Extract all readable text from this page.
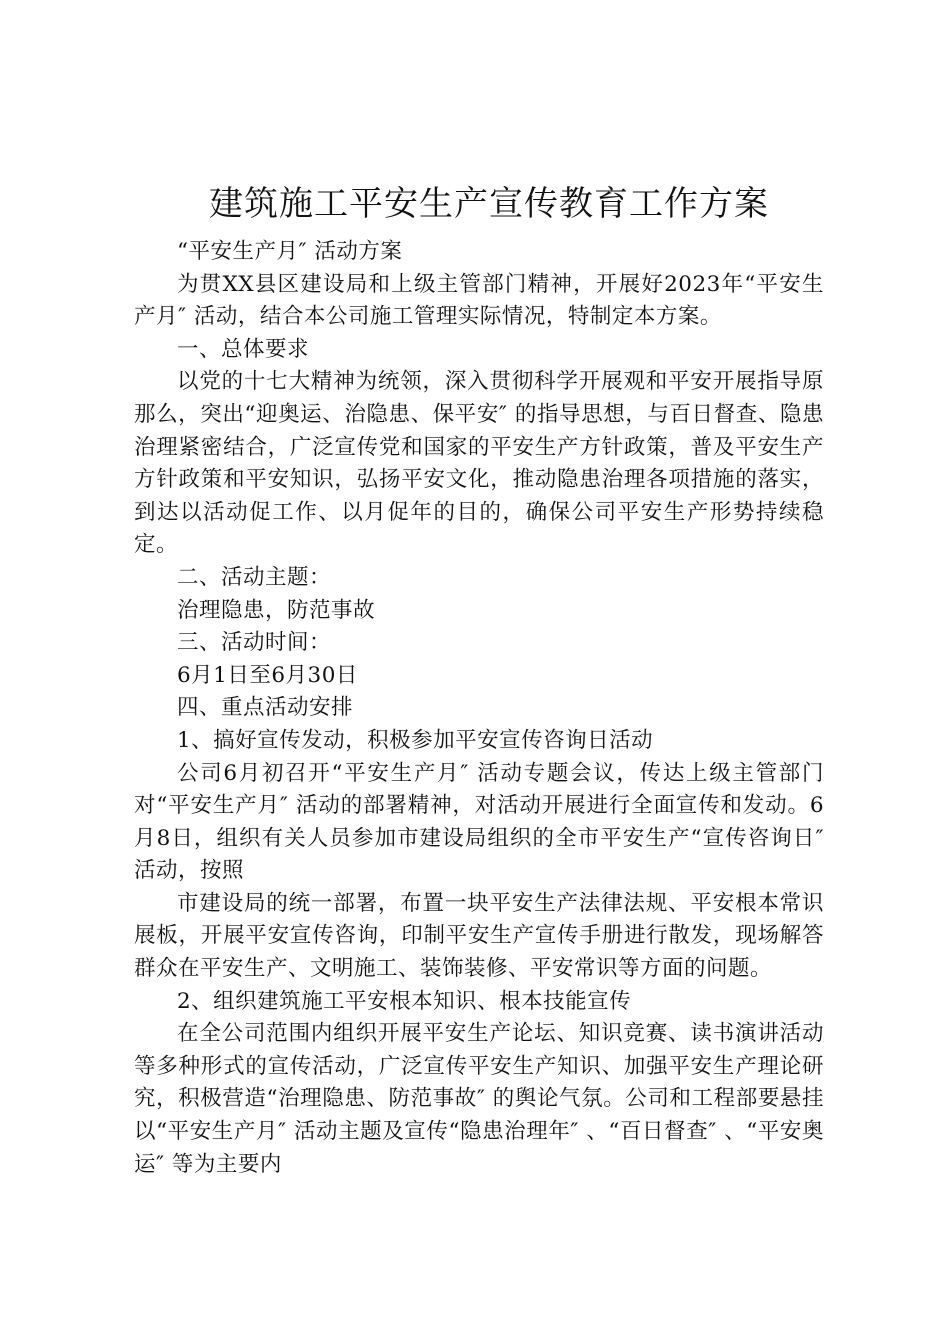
建筑施工平安生产宣传教育工作方案

“平安生产月″ 活动方案

为贯XX县区建设局和上级主管部门精神，开展好2023年“平安生产月″ 活动，结合本公司施工管理实际情况，特制定本方案。

一、总体要求

以党的十七大精神为统领，深入贯彻科学开展观和平安开展指导原那么，突出“迎奥运、治隐患、保平安″ 的指导思想，与百日督查、隐患治理紧密结合，广泛宣传党和国家的平安生产方针政策，普及平安生产方针政策和平安知识，弘扬平安文化，推动隐患治理各项措施的落实，到达以活动促工作、以月促年的目的，确保公司平安生产形势持续稳定。

二、活动主题：

治理隐患，防范事故

三、活动时间：

6月1日至6月30日

四、重点活动安排

1、搞好宣传发动，积极参加平安宣传咨询日活动

公司6月初召开“平安生产月″ 活动专题会议，传达上级主管部门对“平安生产月″ 活动的部署精神，对活动开展进行全面宣传和发动。6月8日，组织有关人员参加市建设局组织的全市平安生产“宣传咨询日″ 活动，按照

市建设局的统一部署，布置一块平安生产法律法规、平安根本常识展板，开展平安宣传咨询，印制平安生产宣传手册进行散发，现场解答群众在平安生产、文明施工、装饰装修、平安常识等方面的问题。

2、组织建筑施工平安根本知识、根本技能宣传

在全公司范围内组织开展平安生产论坛、知识竞赛、读书演讲活动等多种形式的宣传活动，广泛宣传平安生产知识、加强平安生产理论研究，积极营造“治理隐患、防范事故″ 的舆论气氛。公司和工程部要悬挂以“平安生产月″ 活动主题及宣传“隐患治理年″ 、“百日督查″ 、“平安奥运″ 等为主要内
